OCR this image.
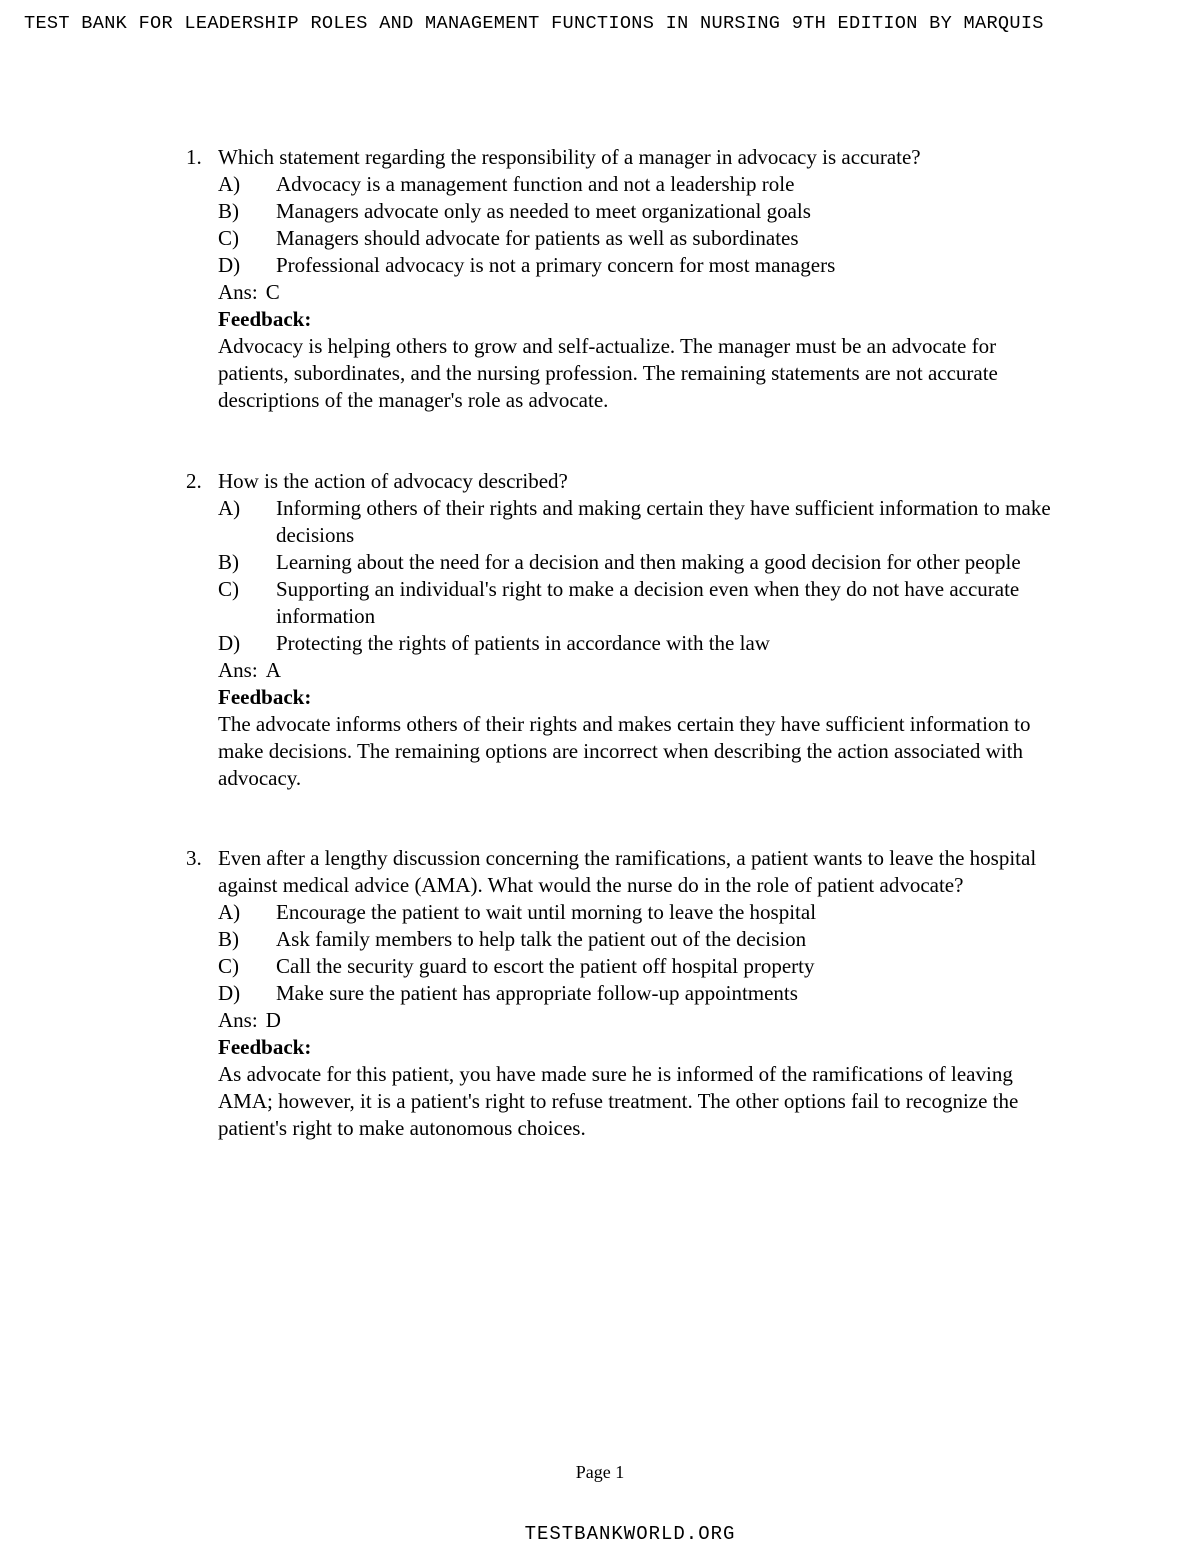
TEST BANK FOR LEADERSHIP ROLES AND MANAGEMENT FUNCTIONS IN NURSING 9TH EDITION BY MARQUIS
1. Which statement regarding the responsibility of a manager in advocacy is accurate?
A) Advocacy is a management function and not a leadership role
B) Managers advocate only as needed to meet organizational goals
C) Managers should advocate for patients as well as subordinates
D) Professional advocacy is not a primary concern for most managers
Ans: C
Feedback:
Advocacy is helping others to grow and self-actualize. The manager must be an advocate for patients, subordinates, and the nursing profession. The remaining statements are not accurate descriptions of the manager's role as advocate.
2. How is the action of advocacy described?
A) Informing others of their rights and making certain they have sufficient information to make decisions
B) Learning about the need for a decision and then making a good decision for other people
C) Supporting an individual's right to make a decision even when they do not have accurate information
D) Protecting the rights of patients in accordance with the law
Ans: A
Feedback:
The advocate informs others of their rights and makes certain they have sufficient information to make decisions. The remaining options are incorrect when describing the action associated with advocacy.
3. Even after a lengthy discussion concerning the ramifications, a patient wants to leave the hospital against medical advice (AMA). What would the nurse do in the role of patient advocate?
A) Encourage the patient to wait until morning to leave the hospital
B) Ask family members to help talk the patient out of the decision
C) Call the security guard to escort the patient off hospital property
D) Make sure the patient has appropriate follow-up appointments
Ans: D
Feedback:
As advocate for this patient, you have made sure he is informed of the ramifications of leaving AMA; however, it is a patient's right to refuse treatment. The other options fail to recognize the patient's right to make autonomous choices.
Page 1
TESTBANKWORLD.ORG
